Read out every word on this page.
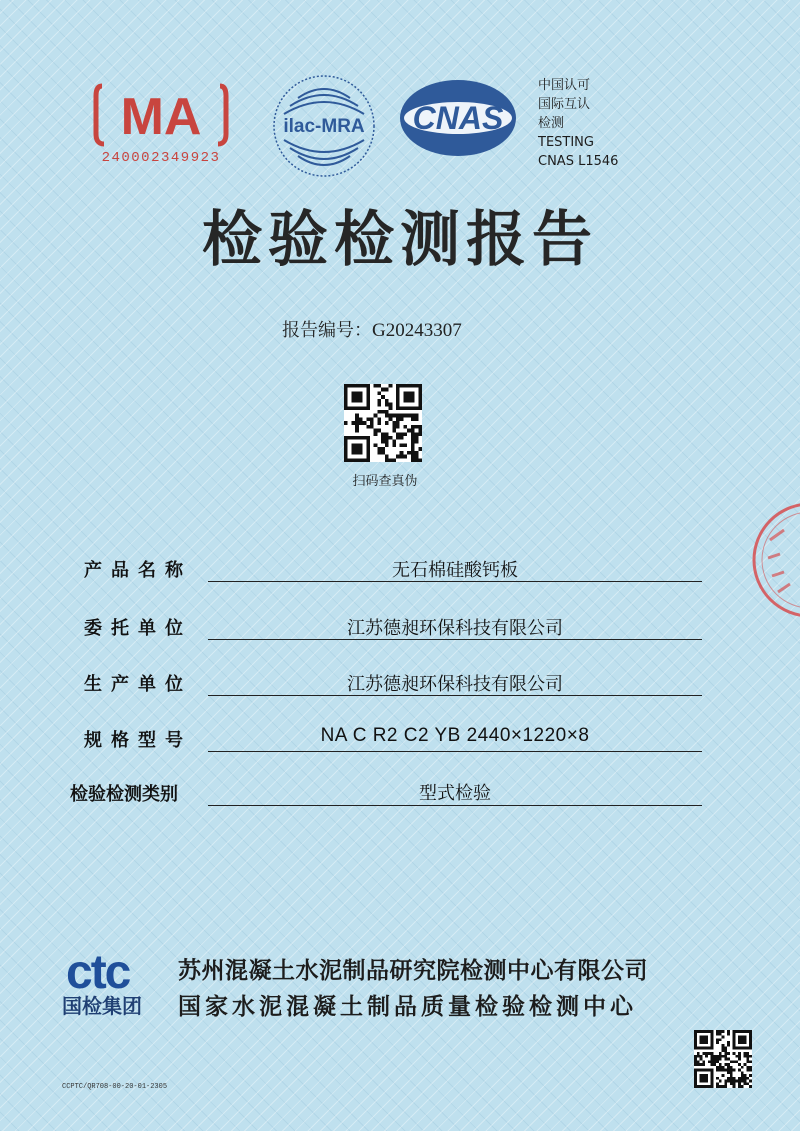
MA
240002349923
ilac-MRA CNAS
中国认可
国际互认
检测
TESTING
CNAS L1546
检验检测报告
报告编号：G20243307
扫码查真伪
产品名称	无石棉硅酸钙板
委托单位	江苏德昶环保科技有限公司
生产单位	江苏德昶环保科技有限公司
规格型号	NA C R2 C2 YB 2440×1220×8
检验检测类别	型式检验
ctc
国检集团
苏州混凝土水泥制品研究院检测中心有限公司
国家水泥混凝土制品质量检验检测中心
CCPTC/QR708-00-20-01-2305
